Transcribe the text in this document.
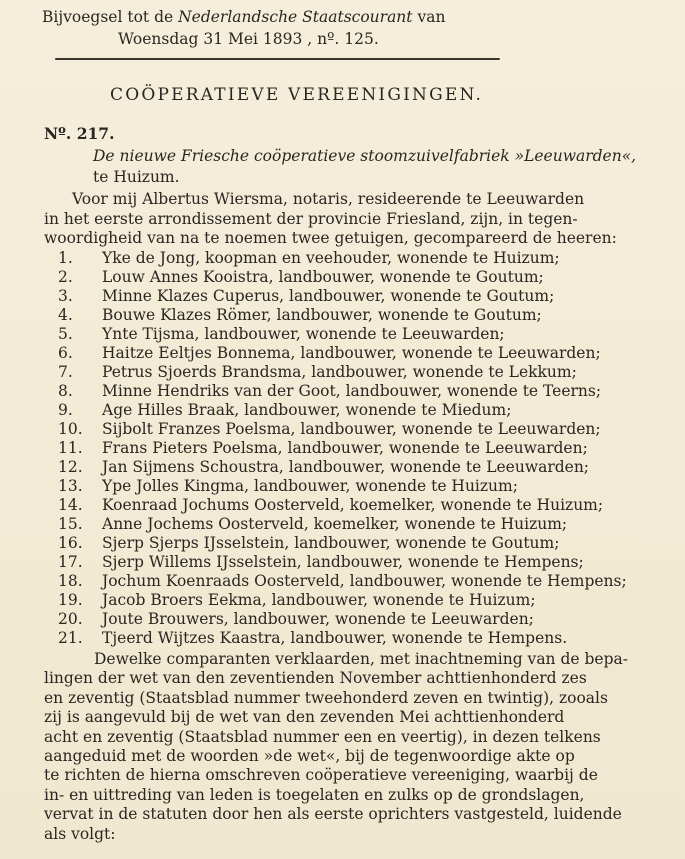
Bijvoegsel tot de Nederlandsche Staatscourant van
Woensdag 31 Mei 1893 , nº. 125.
COÖPERATIEVE VEREENIGINGEN.
Nº. 217.
De nieuwe Friesche coöperatieve stoomzuivelfabriek »Leeuwarden«,
te Huizum.
Voor mij Albertus Wiersma, notaris, resideerende te Leeuwarden
in het eerste arrondissement der provincie Friesland, zijn, in tegen-
woordigheid van na te noemen twee getuigen, gecompareerd de heeren:
1. Yke de Jong, koopman en veehouder, wonende te Huizum;
2. Louw Annes Kooistra, landbouwer, wonende te Goutum;
3. Minne Klazes Cuperus, landbouwer, wonende te Goutum;
4. Bouwe Klazes Römer, landbouwer, wonende te Goutum;
5. Ynte Tijsma, landbouwer, wonende te Leeuwarden;
6. Haitze Eeltjes Bonnema, landbouwer, wonende te Leeuwarden;
7. Petrus Sjoerds Brandsma, landbouwer, wonende te Lekkum;
8. Minne Hendriks van der Goot, landbouwer, wonende te Teerns;
9. Age Hilles Braak, landbouwer, wonende te Miedum;
10. Sijbolt Franzes Poelsma, landbouwer, wonende te Leeuwarden;
11. Frans Pieters Poelsma, landbouwer, wonende te Leeuwarden;
12. Jan Sijmens Schoustra, landbouwer, wonende te Leeuwarden;
13. Ype Jolles Kingma, landbouwer, wonende te Huizum;
14. Koenraad Jochums Oosterveld, koemelker, wonende te Huizum;
15. Anne Jochems Oosterveld, koemelker, wonende te Huizum;
16. Sjerp Sjerps IJsselstein, landbouwer, wonende te Goutum;
17. Sjerp Willems IJsselstein, landbouwer, wonende te Hempens;
18. Jochum Koenraads Oosterveld, landbouwer, wonende te Hempens;
19. Jacob Broers Eekma, landbouwer, wonende te Huizum;
20. Joute Brouwers, landbouwer, wonende te Leeuwarden;
21. Tjeerd Wijtzes Kaastra, landbouwer, wonende te Hempens.
Dewelke comparanten verklaarden, met inachtneming van de bepa-
lingen der wet van den zeventienden November achttienhonderd zes
en zeventig (Staatsblad nummer tweehonderd zeven en twintig), zooals
zij is aangevuld bij de wet van den zevenden Mei achttienhonderd
acht en zeventig (Staatsblad nummer een en veertig), in dezen telkens
aangeduid met de woorden »de wet«, bij de tegenwoordige akte op
te richten de hierna omschreven coöperatieve vereeniging, waarbij de
in- en uittreding van leden is toegelaten en zulks op de grondslagen,
vervat in de statuten door hen als eerste oprichters vastgesteld, luidende
als volgt:
